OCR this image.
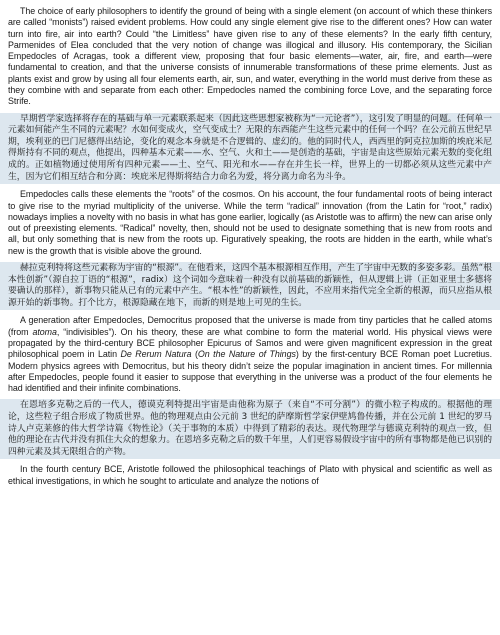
The choice of early philosophers to identify the ground of being with a single element (on account of which these thinkers are called “monists”) raised evident problems. How could any single element give rise to the different ones? How can water turn into fire, air into earth? Could “the Limitless” have given rise to any of these elements? In the early fifth century, Parmenides of Elea concluded that the very notion of change was illogical and illusory. His contemporary, the Sicilian Empedocles of Acragas, took a different view, proposing that four basic elements—water, air, fire, and earth—were fundamental to creation, and that the universe consists of innumerable transformations of these prime elements. Just as plants exist and grow by using all four elements earth, air, sun, and water, everything in the world must derive from these as they combine with and separate from each other: Empedocles named the combining force Love, and the separating force Strife.

早期哲学家选择将存在的基础与单一元素联系起来（因此这些思想家被称为“一元论者”），这引发了明显的问题。任何单一元素如何能产生不同的元素呢？水如何变成火，空气变成土？无限的东西能产生这些元素中的任何一个吗？在公元前五世纪早期，埃利亚的巴门尼德得出结论，变化的观念本身就是不合逻辑的、虚幻的。他的同时代人，西西里的阿克拉加斯的埃庇米尼得斯持有不同的观点，他提出，四种基本元素——水、空气、火和土——是创造的基础，宇宙是由这些原始元素无数的变化组成的。正如植物通过使用所有四种元素——土、空气、阳光和水——存在并生长一样，世界上的一切都必须从这些元素中产生，因为它们相互结合和分离：埃庇米尼得斯将结合力命名为爱，将分离力命名为斗争。

Empedocles calls these elements the “roots” of the cosmos. On his account, the four fundamental roots of being interact to give rise to the myriad multiplicity of the universe. While the term “radical” innovation (from the Latin for “root,” radix) nowadays implies a novelty with no basis in what has gone earlier, logically (as Aristotle was to affirm) the new can arise only out of preexisting elements. “Radical” novelty, then, should not be used to designate something that is new from roots and all, but only something that is new from the roots up. Figuratively speaking, the roots are hidden in the earth, while what’s new is the growth that is visible above the ground.

赫拉克利特将这些元素称为宇宙的“根源”。在他看来，这四个基本根源相互作用，产生了宇宙中无数的多姿多彩。虽然“根本性创新”（源自拉丁语的“根源”，radix）这个词如今意味着一种没有以前基础的新颖性，但从逻辑上讲（正如亚里士多德将要确认的那样），新事物只能从已有的元素中产生。“根本性”的新颖性，因此，不应用来指代完全全新的根源，而只应指从根源开始的新事物。打个比方，根源隐藏在地下，而新的则是地上可见的生长。

A generation after Empedocles, Democritus proposed that the universe is made from tiny particles that he called atoms (from atoma, “indivisibles”). On his theory, these are what combine to form the material world. His physical views were propagated by the third-century BCE philosopher Epicurus of Samos and were given magnificent expression in the great philosophical poem in Latin De Rerum Natura (On the Nature of Things) by the first-century BCE Roman poet Lucretius. Modern physics agrees with Democritus, but his theory didn’t seize the popular imagination in ancient times. For millennia after Empedocles, people found it easier to suppose that everything in the universe was a product of the four elements he had identified and their infinite combinations.

在恩培多克勒之后的一代人，德谟克利特提出宇宙是由他称为原子（来自“不可分割”）的微小粒子构成的。根据他的理论，这些粒子组合形成了物质世界。他的物理观点由公元前 3 世纪的萨摩斯哲学家伊壁鸠鲁传播，并在公元前 1 世纪的罗马诗人卢克莱修的伟大哲学诗篇《物性论》（关于事物的本质）中得到了精彩的表达。现代物理学与德谟克利特的观点一致，但他的理论在古代并没有抓住大众的想象力。在恩培多克勒之后的数千年里，人们更容易假设宇宙中的所有事物都是他已识别的四种元素及其无限组合的产物。

In the fourth century BCE, Aristotle followed the philosophical teachings of Plato with physical and scientific as well as ethical investigations, in which he sought to articulate and analyze the notions of
